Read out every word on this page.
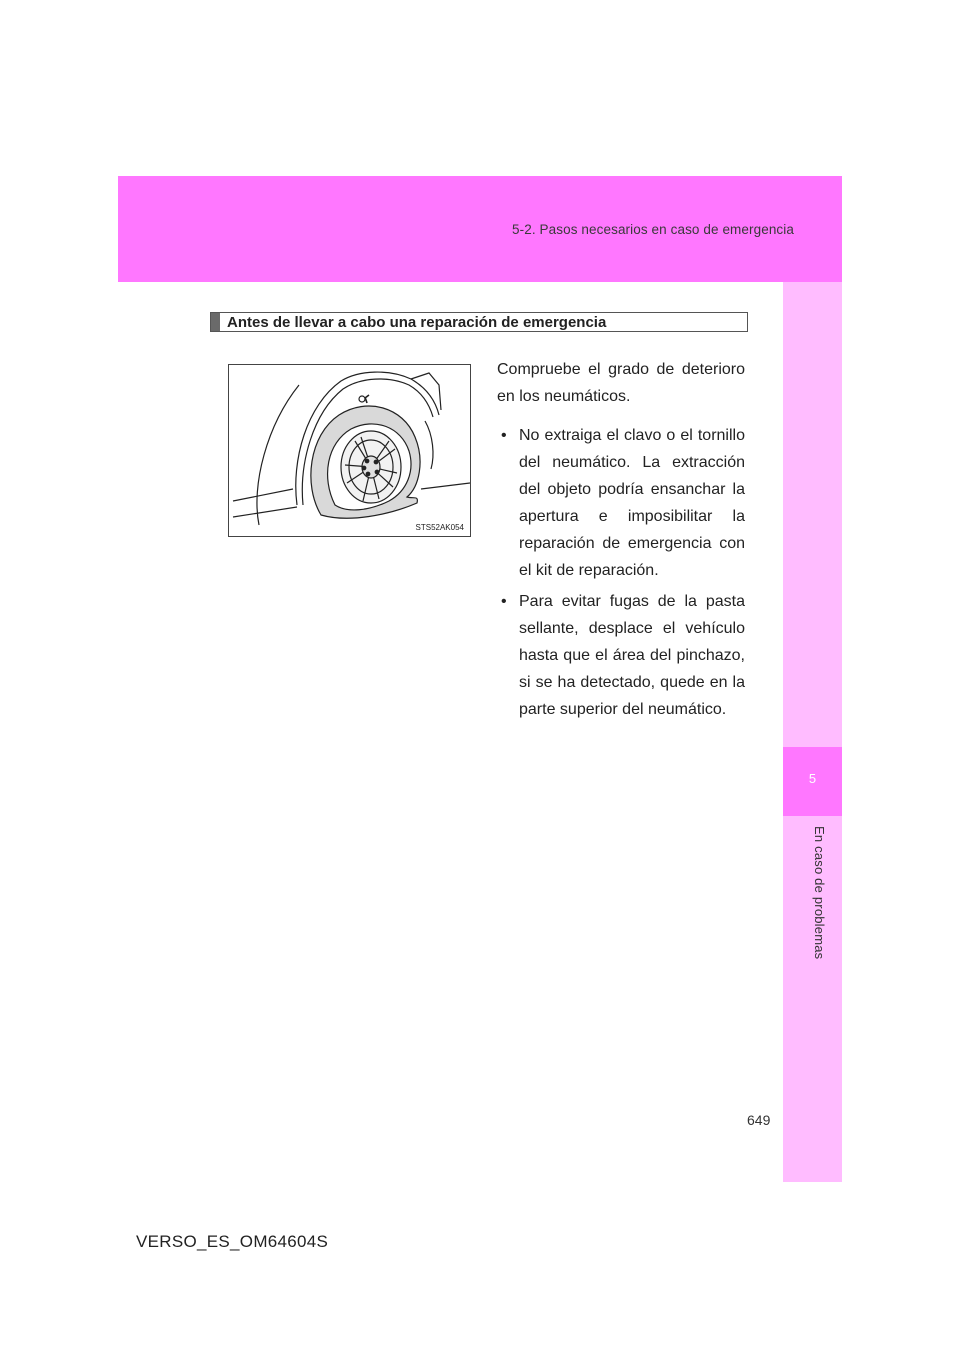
5-2. Pasos necesarios en caso de emergencia
5
En caso de problemas
Antes de llevar a cabo una reparación de emergencia
STS52AK054

Compruebe el grado de deterioro en los neumáticos.

• No extraiga el clavo o el tornillo del neumático. La extracción del objeto podría ensanchar la apertura e imposibilitar la reparación de emergencia con el kit de reparación.
• Para evitar fugas de la pasta sellante, desplace el vehículo hasta que el área del pinchazo, si se ha detectado, quede en la parte superior del neumático.
649
VERSO_ES_OM64604S
